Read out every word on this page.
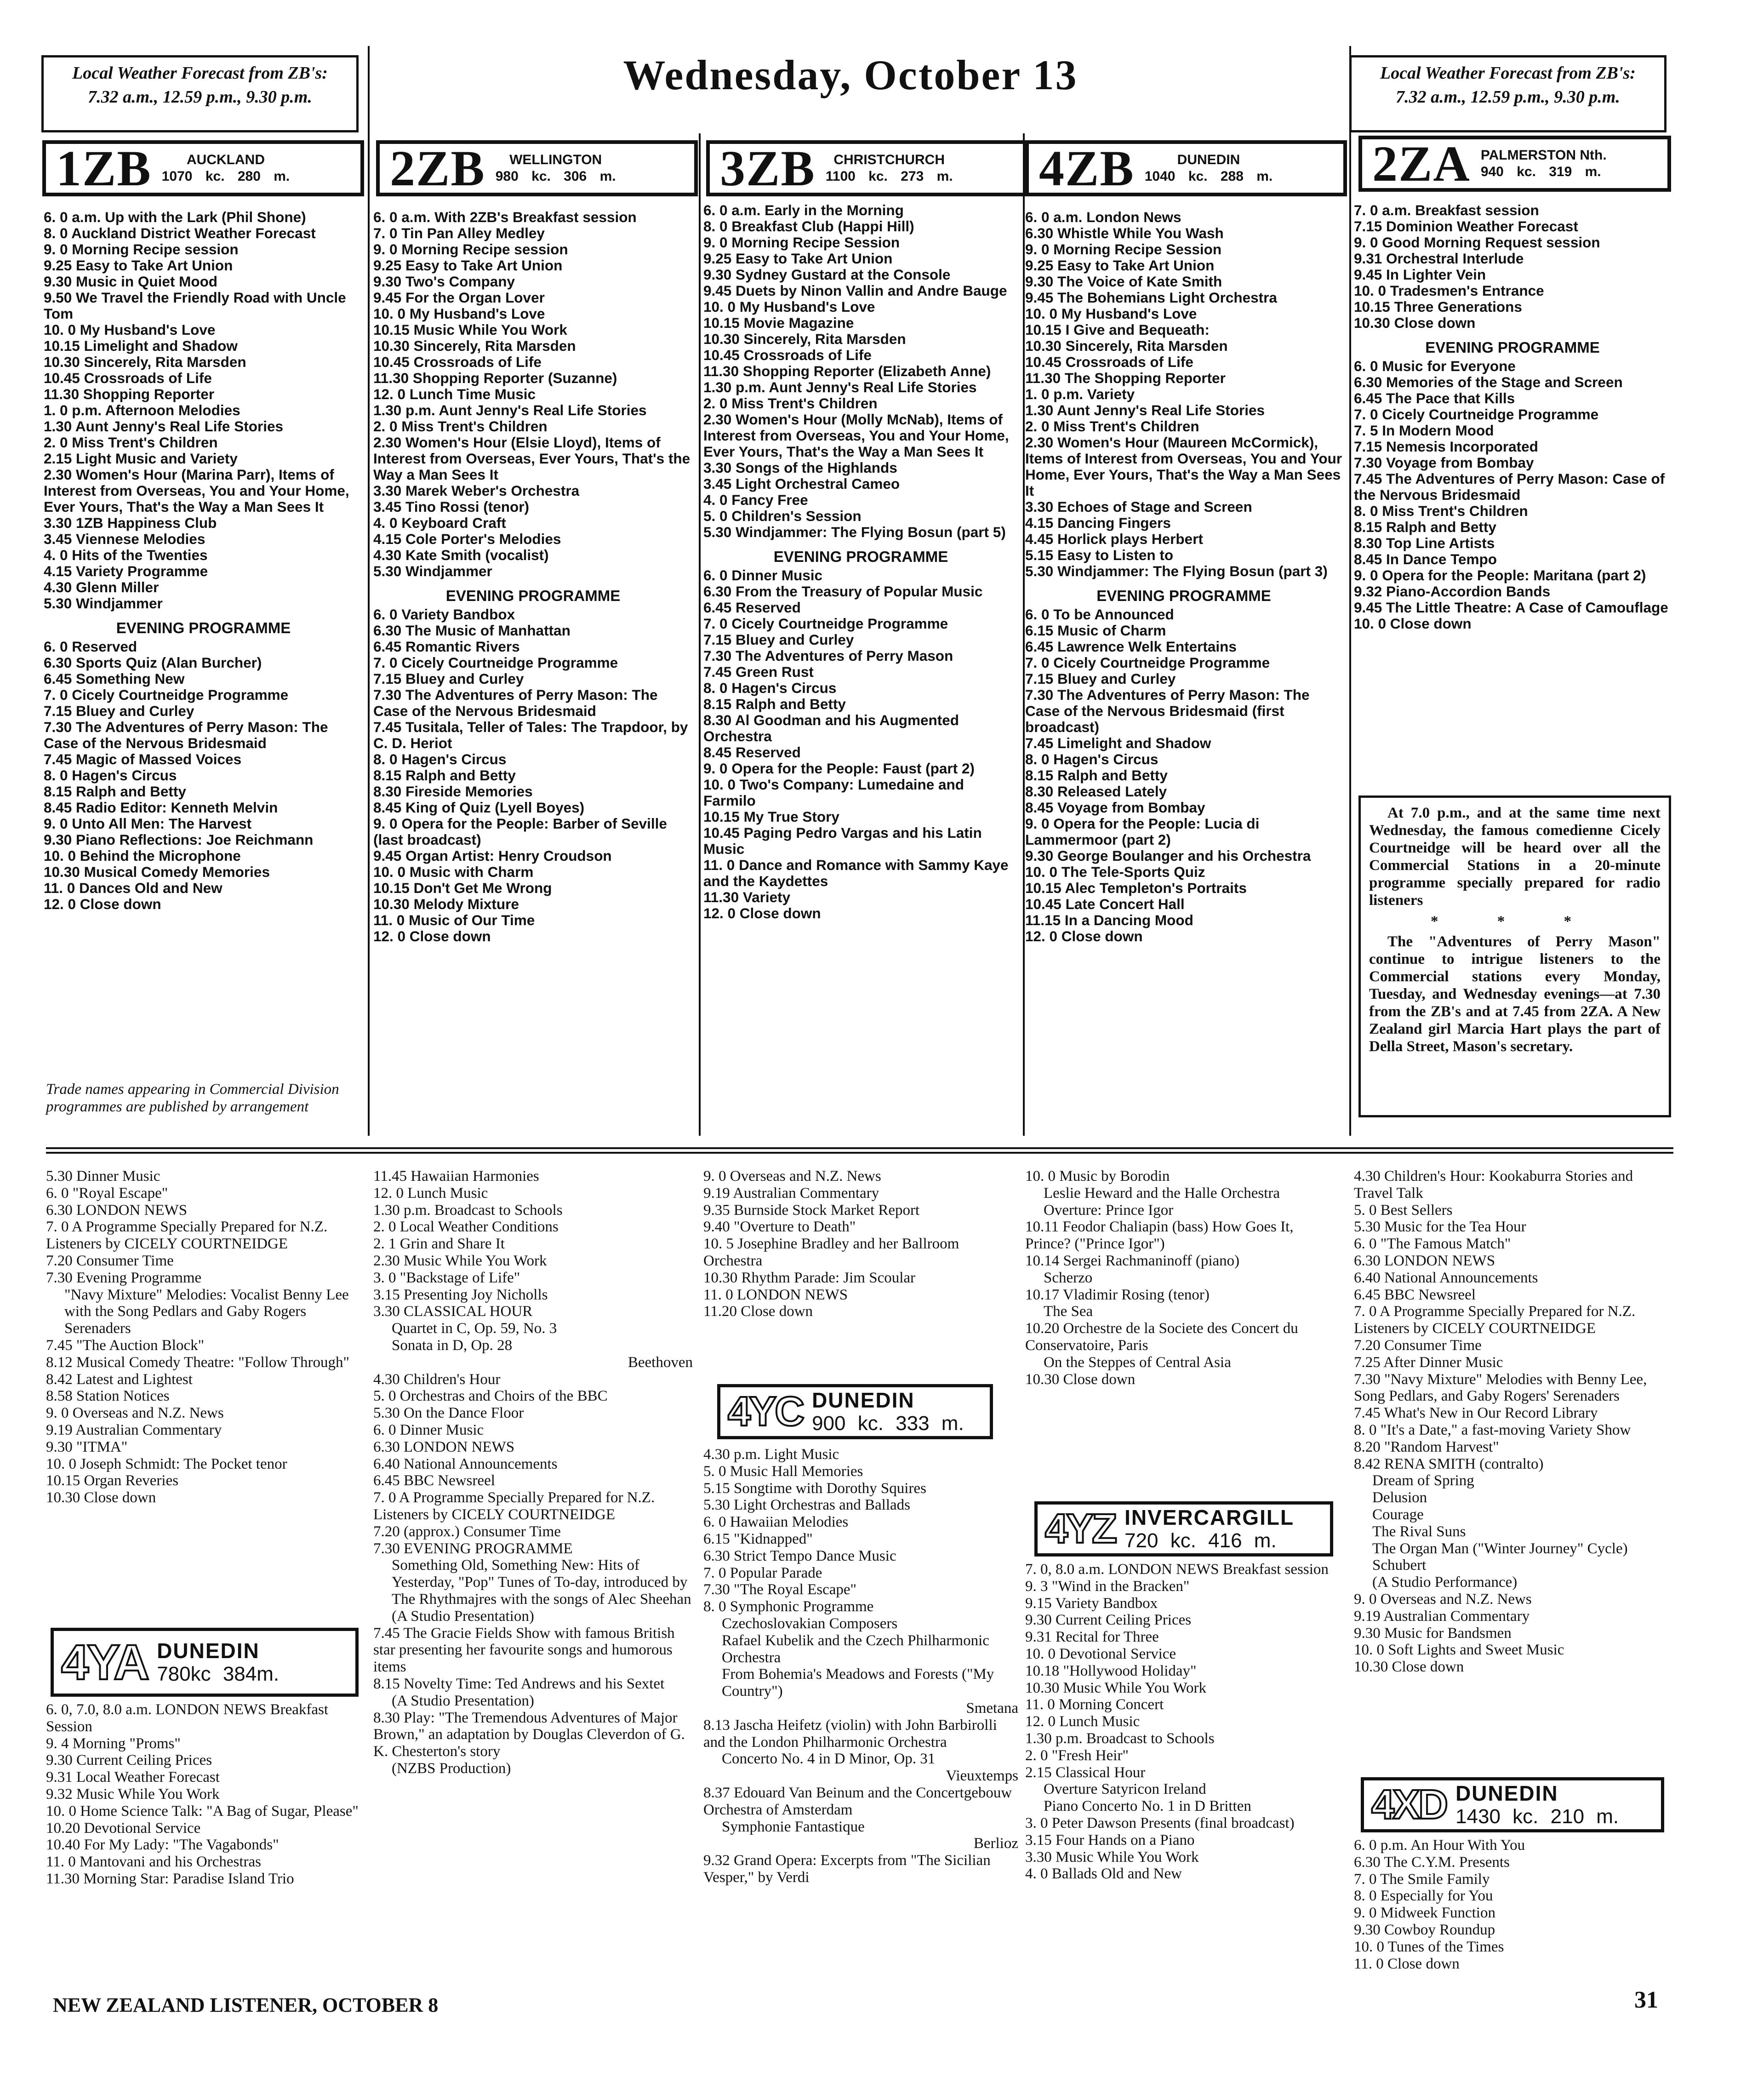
Local Weather Forecast from ZB's:
7.32 a.m., 12.59 p.m., 9.30 p.m.	Wednesday, October 13	Local Weather Forecast from ZB's:
7.32 a.m., 12.59 p.m., 9.30 p.m.
1ZB	AUCKLAND
1070 kc. 280 m. 2ZB	WELLINGTON
980 kc. 306 m. 3ZB	CHRISTCHURCH
1100 kc. 273 m. 4ZB	DUNEDIN
1040 kc. 288 m. 2ZA PALMERSTON Nth.
940 kc. 319 m.
6. 0 a.m. Up with the Lark (Phil Shone)
8. 0 Auckland District Weather Forecast
9. 0 Morning Recipe session
9.25 Easy to Take Art Union
9.30 Music in Quiet Mood
9.50 We Travel the Friendly Road with Uncle Tom
10. 0 My Husband's Love
10.15 Limelight and Shadow
10.30 Sincerely, Rita Marsden
10.45 Crossroads of Life
11.30 Shopping Reporter
1. 0 p.m. Afternoon Melodies
1.30 Aunt Jenny's Real Life Stories
2. 0 Miss Trent's Children
2.15 Light Music and Variety
2.30 Women's Hour (Marina Parr), Items of Interest from Overseas, You and Your Home, Ever Yours, That's the Way a Man Sees It
3.30 1ZB Happiness Club
3.45 Viennese Melodies
4. 0 Hits of the Twenties
4.15 Variety Programme
4.30 Glenn Miller
5.30 Windjammer
EVENING PROGRAMME
6. 0 Reserved
6.30 Sports Quiz (Alan Burcher)
6.45 Something New
7. 0 Cicely Courtneidge Programme
7.15 Bluey and Curley
7.30 The Adventures of Perry Mason: The Case of the Nervous Bridesmaid
7.45 Magic of Massed Voices
8. 0 Hagen's Circus
8.15 Ralph and Betty
8.45 Radio Editor: Kenneth Melvin
9. 0 Unto All Men: The Harvest
9.30 Piano Reflections: Joe Reichmann
10. 0 Behind the Microphone
10.30 Musical Comedy Memories
11. 0 Dances Old and New
12. 0 Close down
6. 0 a.m. With 2ZB's Breakfast session
7. 0 Tin Pan Alley Medley
9. 0 Morning Recipe session
9.25 Easy to Take Art Union
9.30 Two's Company
9.45 For the Organ Lover
10. 0 My Husband's Love
10.15 Music While You Work
10.30 Sincerely, Rita Marsden
10.45 Crossroads of Life
11.30 Shopping Reporter (Suzanne)
12. 0 Lunch Time Music
1.30 p.m. Aunt Jenny's Real Life Stories
2. 0 Miss Trent's Children
2.30 Women's Hour (Elsie Lloyd), Items of Interest from Overseas, Ever Yours, That's the Way a Man Sees It
3.30 Marek Weber's Orchestra
3.45 Tino Rossi (tenor)
4. 0 Keyboard Craft
4.15 Cole Porter's Melodies
4.30 Kate Smith (vocalist)
5.30 Windjammer
EVENING PROGRAMME
6. 0 Variety Bandbox
6.30 The Music of Manhattan
6.45 Romantic Rivers
7. 0 Cicely Courtneidge Programme
7.15 Bluey and Curley
7.30 The Adventures of Perry Mason: The Case of the Nervous Bridesmaid
7.45 Tusitala, Teller of Tales: The Trapdoor, by C. D. Heriot
8. 0 Hagen's Circus
8.15 Ralph and Betty
8.30 Fireside Memories
8.45 King of Quiz (Lyell Boyes)
9. 0 Opera for the People: Barber of Seville (last broadcast)
9.45 Organ Artist: Henry Croudson
10. 0 Music with Charm
10.15 Don't Get Me Wrong
10.30 Melody Mixture
11. 0 Music of Our Time
12. 0 Close down
6. 0 a.m. Early in the Morning
8. 0 Breakfast Club (Happi Hill)
9. 0 Morning Recipe Session
9.25 Easy to Take Art Union
9.30 Sydney Gustard at the Console
9.45 Duets by Ninon Vallin and Andre Bauge
10. 0 My Husband's Love
10.15 Movie Magazine
10.30 Sincerely, Rita Marsden
10.45 Crossroads of Life
11.30 Shopping Reporter (Elizabeth Anne)
1.30 p.m. Aunt Jenny's Real Life Stories
2. 0 Miss Trent's Children
2.30 Women's Hour (Molly McNab), Items of Interest from Overseas, You and Your Home, Ever Yours, That's the Way a Man Sees It
3.30 Songs of the Highlands
3.45 Light Orchestral Cameo
4. 0 Fancy Free
5. 0 Children's Session
5.30 Windjammer: The Flying Bosun (part 5)
EVENING PROGRAMME
6. 0 Dinner Music
6.30 From the Treasury of Popular Music
6.45 Reserved
7. 0 Cicely Courtneidge Programme
7.15 Bluey and Curley
7.30 The Adventures of Perry Mason
7.45 Green Rust
8. 0 Hagen's Circus
8.15 Ralph and Betty
8.30 Al Goodman and his Augmented Orchestra
8.45 Reserved
9. 0 Opera for the People: Faust (part 2)
10. 0 Two's Company: Lumedaine and Farmilo
10.15 My True Story
10.45 Paging Pedro Vargas and his Latin Music
11. 0 Dance and Romance with Sammy Kaye and the Kaydettes
11.30 Variety
12. 0 Close down
6. 0 a.m. London News
6.30 Whistle While You Wash
9. 0 Morning Recipe Session
9.25 Easy to Take Art Union
9.30 The Voice of Kate Smith
9.45 The Bohemians Light Orchestra
10. 0 My Husband's Love
10.15 I Give and Bequeath:
10.30 Sincerely, Rita Marsden
10.45 Crossroads of Life
11.30 The Shopping Reporter
1. 0 p.m. Variety
1.30 Aunt Jenny's Real Life Stories
2. 0 Miss Trent's Children
2.30 Women's Hour (Maureen McCormick), Items of Interest from Overseas, You and Your Home, Ever Yours, That's the Way a Man Sees It
3.30 Echoes of Stage and Screen
4.15 Dancing Fingers
4.45 Horlick plays Herbert
5.15 Easy to Listen to
5.30 Windjammer: The Flying Bosun (part 3)
EVENING PROGRAMME
6. 0 To be Announced
6.15 Music of Charm
6.45 Lawrence Welk Entertains
7. 0 Cicely Courtneidge Programme
7.15 Bluey and Curley
7.30 The Adventures of Perry Mason: The Case of the Nervous Bridesmaid (first broadcast)
7.45 Limelight and Shadow
8. 0 Hagen's Circus
8.15 Ralph and Betty
8.30 Released Lately
8.45 Voyage from Bombay
9. 0 Opera for the People: Lucia di Lammermoor (part 2)
9.30 George Boulanger and his Orchestra
10. 0 The Tele-Sports Quiz
10.15 Alec Templeton's Portraits
10.45 Late Concert Hall
11.15 In a Dancing Mood
12. 0 Close down
7. 0 a.m. Breakfast session
7.15 Dominion Weather Forecast
9. 0 Good Morning Request session
9.31 Orchestral Interlude
9.45 In Lighter Vein
10. 0 Tradesmen's Entrance
10.15 Three Generations
10.30 Close down
EVENING PROGRAMME
6. 0 Music for Everyone
6.30 Memories of the Stage and Screen
6.45 The Pace that Kills
7. 0 Cicely Courtneidge Programme
7. 5 In Modern Mood
7.15 Nemesis Incorporated
7.30 Voyage from Bombay
7.45 The Adventures of Perry Mason: Case of the Nervous Bridesmaid
8. 0 Miss Trent's Children
8.15 Ralph and Betty
8.30 Top Line Artists
8.45 In Dance Tempo
9. 0 Opera for the People: Maritana (part 2)
9.32 Piano-Accordion Bands
9.45 The Little Theatre: A Case of Camouflage
10. 0 Close down
Trade names appearing in Commercial Division programmes are published by arrangement

At 7.0 p.m., and at the same time next Wednesday, the famous comedienne Cicely Courtneidge will be heard over all the Commercial Stations in a 20-minute programme specially prepared for radio listeners

* * *

The "Adventures of Perry Mason" continue to intrigue listeners to the Commercial stations every Monday, Tuesday, and Wednesday evenings—at 7.30 from the ZB's and at 7.45 from 2ZA. A New Zealand girl Marcia Hart plays the part of Della Street, Mason's secretary.

5.30 Dinner Music
6. 0 "Royal Escape"
6.30 LONDON NEWS
7. 0 A Programme Specially Prepared for N.Z. Listeners by CICELY COURTNEIDGE
7.20 Consumer Time
7.30 Evening Programme
"Navy Mixture" Melodies: Vocalist Benny Lee with the Song Pedlars and Gaby Rogers Serenaders
7.45 "The Auction Block"
8.12 Musical Comedy Theatre: "Follow Through"
8.42 Latest and Lightest
8.58 Station Notices
9. 0 Overseas and N.Z. News
9.19 Australian Commentary
9.30 "ITMA"
10. 0 Joseph Schmidt: The Pocket tenor
10.15 Organ Reveries
10.30 Close down
4YA DUNEDIN
780kc 384m.
6. 0, 7.0, 8.0 a.m. LONDON NEWS Breakfast Session
9. 4 Morning "Proms"
9.30 Current Ceiling Prices
9.31 Local Weather Forecast
9.32 Music While You Work
10. 0 Home Science Talk: "A Bag of Sugar, Please"
10.20 Devotional Service
10.40 For My Lady: "The Vagabonds"
11. 0 Mantovani and his Orchestras
11.30 Morning Star: Paradise Island Trio
11.45 Hawaiian Harmonies
12. 0 Lunch Music
1.30 p.m. Broadcast to Schools
2. 0 Local Weather Conditions
2. 1 Grin and Share It
2.30 Music While You Work
3. 0 "Backstage of Life"
3.15 Presenting Joy Nicholls
3.30 CLASSICAL HOUR
Quartet in C, Op. 59, No. 3
Sonata in D, Op. 28
Beethoven
4.30 Children's Hour
5. 0 Orchestras and Choirs of the BBC
5.30 On the Dance Floor
6. 0 Dinner Music
6.30 LONDON NEWS
6.40 National Announcements
6.45 BBC Newsreel
7. 0 A Programme Specially Prepared for N.Z. Listeners by CICELY COURTNEIDGE
7.20 (approx.) Consumer Time
7.30 EVENING PROGRAMME
Something Old, Something New: Hits of Yesterday, "Pop" Tunes of To-day, introduced by The Rhythmajres with the songs of Alec Sheehan
(A Studio Presentation)
7.45 The Gracie Fields Show with famous British star presenting her favourite songs and humorous items
8.15 Novelty Time: Ted Andrews and his Sextet
(A Studio Presentation)
8.30 Play: "The Tremendous Adventures of Major Brown," an adaptation by Douglas Cleverdon of G. K. Chesterton's story
(NZBS Production)
9. 0 Overseas and N.Z. News
9.19 Australian Commentary
9.35 Burnside Stock Market Report
9.40 "Overture to Death"
10. 5 Josephine Bradley and her Ballroom Orchestra
10.30 Rhythm Parade: Jim Scoular
11. 0 LONDON NEWS
11.20 Close down
4YC DUNEDIN
900 kc. 333 m.
4.30 p.m. Light Music
5. 0 Music Hall Memories
5.15 Songtime with Dorothy Squires
5.30 Light Orchestras and Ballads
6. 0 Hawaiian Melodies
6.15 "Kidnapped"
6.30 Strict Tempo Dance Music
7. 0 Popular Parade
7.30 "The Royal Escape"
8. 0 Symphonic Programme
Czechoslovakian Composers
Rafael Kubelik and the Czech Philharmonic Orchestra
From Bohemia's Meadows and Forests ("My Country")
Smetana
8.13 Jascha Heifetz (violin) with John Barbirolli and the London Philharmonic Orchestra
Concerto No. 4 in D Minor, Op. 31
Vieuxtemps
8.37 Edouard Van Beinum and the Concertgebouw Orchestra of Amsterdam
Symphonie Fantastique
Berlioz
9.32 Grand Opera: Excerpts from "The Sicilian Vesper," by Verdi
10. 0 Music by Borodin
Leslie Heward and the Halle Orchestra
Overture: Prince Igor
10.11 Feodor Chaliapin (bass) How Goes It, Prince? ("Prince Igor")
10.14 Sergei Rachmaninoff (piano)
Scherzo
10.17 Vladimir Rosing (tenor)
The Sea
10.20 Orchestre de la Societe des Concert du Conservatoire, Paris
On the Steppes of Central Asia
10.30 Close down
4YZ INVERCARGILL
720 kc. 416 m.
7. 0, 8.0 a.m. LONDON NEWS Breakfast session
9. 3 "Wind in the Bracken"
9.15 Variety Bandbox
9.30 Current Ceiling Prices
9.31 Recital for Three
10. 0 Devotional Service
10.18 "Hollywood Holiday"
10.30 Music While You Work
11. 0 Morning Concert
12. 0 Lunch Music
1.30 p.m. Broadcast to Schools
2. 0 "Fresh Heir"
2.15 Classical Hour
Overture Satyricon Ireland
Piano Concerto No. 1 in D Britten
3. 0 Peter Dawson Presents (final broadcast)
3.15 Four Hands on a Piano
3.30 Music While You Work
4. 0 Ballads Old and New
4.30 Children's Hour: Kookaburra Stories and Travel Talk
5. 0 Best Sellers
5.30 Music for the Tea Hour
6. 0 "The Famous Match"
6.30 LONDON NEWS
6.40 National Announcements
6.45 BBC Newsreel
7. 0 A Programme Specially Prepared for N.Z. Listeners by CICELY COURTNEIDGE
7.20 Consumer Time
7.25 After Dinner Music
7.30 "Navy Mixture" Melodies with Benny Lee, Song Pedlars, and Gaby Rogers' Serenaders
7.45 What's New in Our Record Library
8. 0 "It's a Date," a fast-moving Variety Show
8.20 "Random Harvest"
8.42 RENA SMITH (contralto)
Dream of Spring
Delusion
Courage
The Rival Suns
The Organ Man ("Winter Journey" Cycle) Schubert
(A Studio Performance)
9. 0 Overseas and N.Z. News
9.19 Australian Commentary
9.30 Music for Bandsmen
10. 0 Soft Lights and Sweet Music
10.30 Close down
4XD DUNEDIN
1430 kc. 210 m.
6. 0 p.m. An Hour With You
6.30 The C.Y.M. Presents
7. 0 The Smile Family
8. 0 Especially for You
9. 0 Midweek Function
9.30 Cowboy Roundup
10. 0 Tunes of the Times
11. 0 Close down
NEW ZEALAND LISTENER, OCTOBER 8	31
